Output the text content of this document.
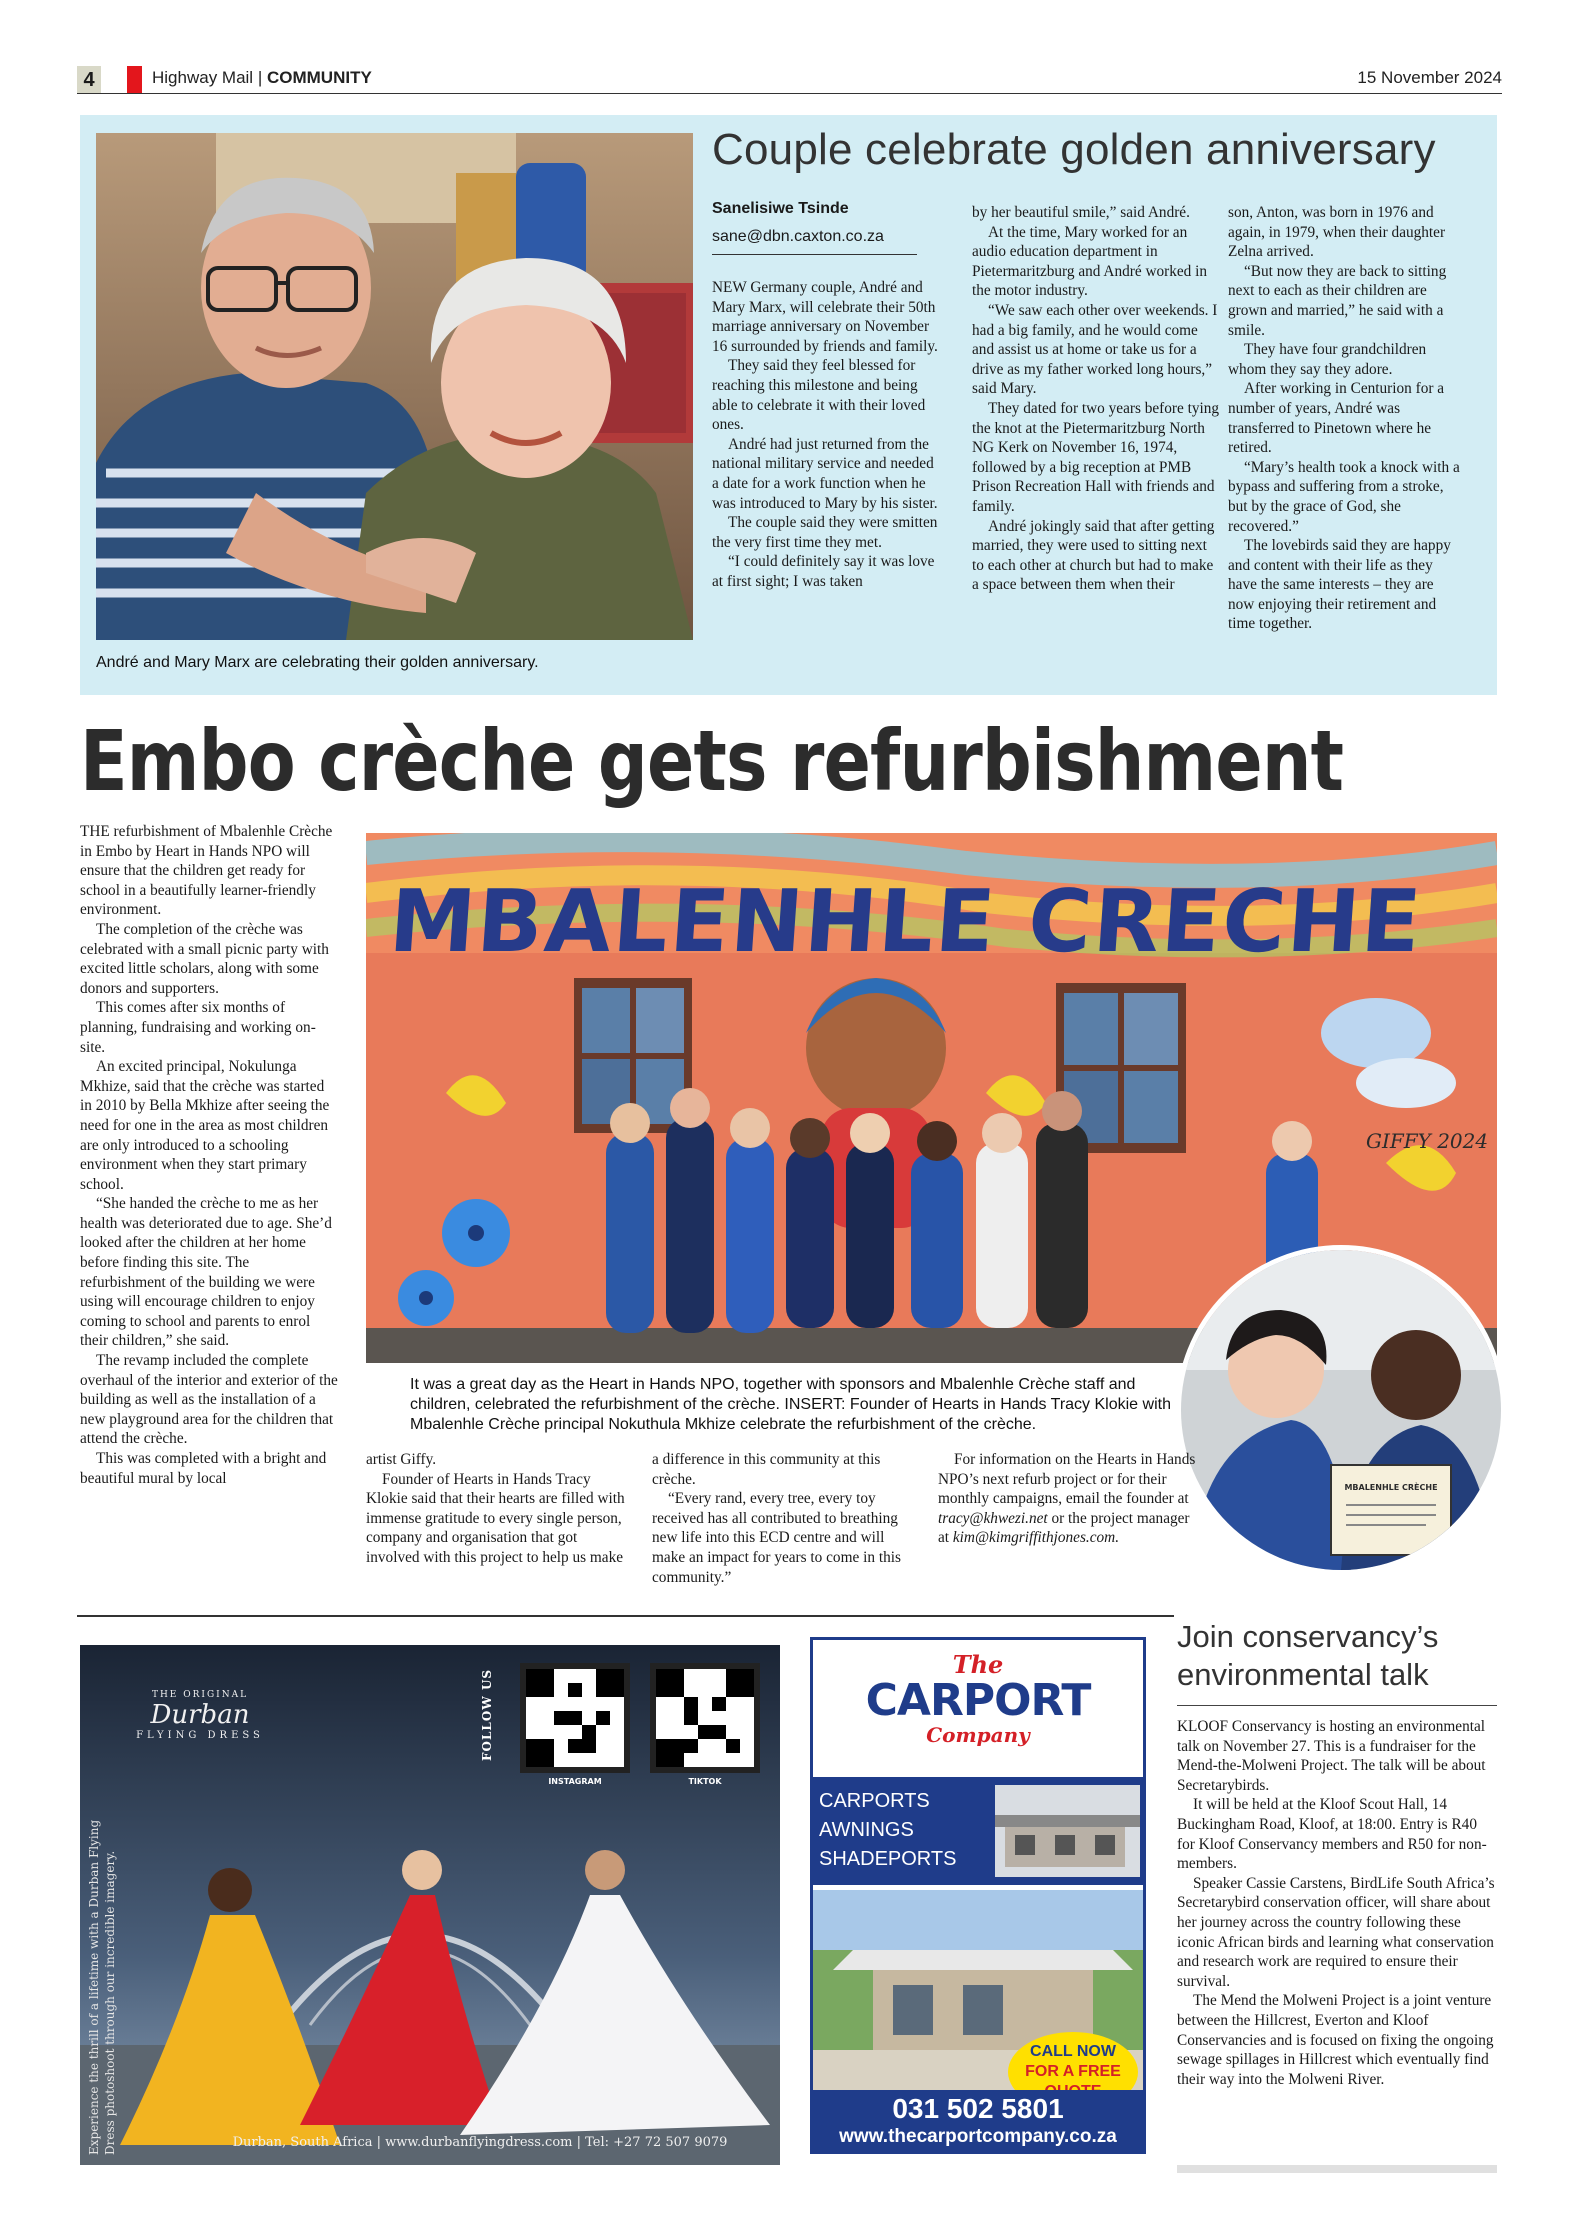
4	Highway Mail | COMMUNITY	15 November 2024
André and Mary Marx are celebrating their golden anniversary.
Couple celebrate golden anniversary
Sanelisiwe Tsinde
sane@dbn.caxton.co.za

NEW Germany couple, André and Mary Marx, will celebrate their 50th marriage anniversary on November 16 surrounded by friends and family.

They said they feel blessed for reaching this milestone and being able to celebrate it with their loved ones.

André had just returned from the national military service and needed a date for a work function when he was introduced to Mary by his sister.

The couple said they were smitten the very first time they met.

“I could definitely say it was love at first sight; I was taken

by her beautiful smile,” said André.

At the time, Mary worked for an audio education department in Pietermaritzburg and André worked in the motor industry.

“We saw each other over weekends. I had a big family, and he would come and assist us at home or take us for a drive as my father worked long hours,” said Mary.

They dated for two years before tying the knot at the Pietermaritzburg North NG Kerk on November 16, 1974, followed by a big reception at PMB Prison Recreation Hall with friends and family.

André jokingly said that after getting married, they were used to sitting next to each other at church but had to make a space between them when their

son, Anton, was born in 1976 and again, in 1979, when their daughter Zelna arrived.

“But now they are back to sitting next to each as their children are grown and married,” he said with a smile.

They have four grandchildren whom they say they adore.

After working in Centurion for a number of years, André was transferred to Pinetown where he retired.

“Mary’s health took a knock with a bypass and suffering from a stroke, but by the grace of God, she recovered.”

The lovebirds said they are happy and content with their life as they have the same interests – they are now enjoying their retirement and time together.

Embo crèche gets refurbishment

THE refurbishment of Mbalenhle Crèche in Embo by Heart in Hands NPO will ensure that the children get ready for school in a beautifully learner-friendly environment.

The completion of the crèche was celebrated with a small picnic party with excited little scholars, along with some donors and supporters.

This comes after six months of planning, fundraising and working on-site.

An excited principal, Nokulunga Mkhize, said that the crèche was started in 2010 by Bella Mkhize after seeing the need for one in the area as most children are only introduced to a schooling environment when they start primary school.

“She handed the crèche to me as her health was deteriorated due to age. She’d looked after the children at her home before finding this site. The refurbishment of the building we were using will encourage children to enjoy coming to school and parents to enrol their children,” she said.

The revamp included the complete overhaul of the interior and exterior of the building as well as the installation of a new playground area for the children that attend the crèche.

This was completed with a bright and beautiful mural by local

MBALENHLE CRECHE
GIFFY 2024
It was a great day as the Heart in Hands NPO, together with sponsors and Mbalenhle Crèche staff and children, celebrated the refurbishment of the crèche. INSERT: Founder of Hearts in Hands Tracy Klokie with Mbalenhle Crèche principal Nokuthula Mkhize celebrate the refurbishment of the crèche.
MBALENHLE CRÈCHE

artist Giffy.

Founder of Hearts in Hands Tracy Klokie said that their hearts are filled with immense gratitude to every single person, company and organisation that got involved with this project to help us make

a difference in this community at this crèche.

“Every rand, every tree, every toy received has all contributed to breathing new life into this ECD centre and will make an impact for years to come in this community.”

For information on the Hearts in Hands NPO’s next refurb project or for their monthly campaigns, email the founder at tracy@khwezi.net or the project manager at kim@kimgriffithjones.com.

THE ORIGINAL
Durban
FLYING DRESS	FOLLOW US
INSTAGRAM	TIKTOK
Experience the thrill of a lifetime with a Durban Flying Dress photoshoot through our incredible imagery.	Durban, South Africa | www.durbanflyingdress.com | Tel: +27 72 507 9079
The
CARPORT
Company
CARPORTS
AWNINGS
SHADEPORTS
CALL NOW
FOR A FREE
031 502 5801
www.thecarportcompany.co.za
Join conservancy’s environmental talk

KLOOF Conservancy is hosting an environmental talk on November 27. This is a fundraiser for the Mend-the-Molweni Project. The talk will be about Secretarybirds.

It will be held at the Kloof Scout Hall, 14 Buckingham Road, Kloof, at 18:00. Entry is R40 for Kloof Conservancy members and R50 for non-members.

Speaker Cassie Carstens, BirdLife South Africa’s Secretarybird conservation officer, will share about her journey across the country following these iconic African birds and learning what conservation and research work are required to ensure their survival.

The Mend the Molweni Project is a joint venture between the Hillcrest, Everton and Kloof Conservancies and is focused on fixing the ongoing sewage spillages in Hillcrest which eventually find their way into the Molweni River.
